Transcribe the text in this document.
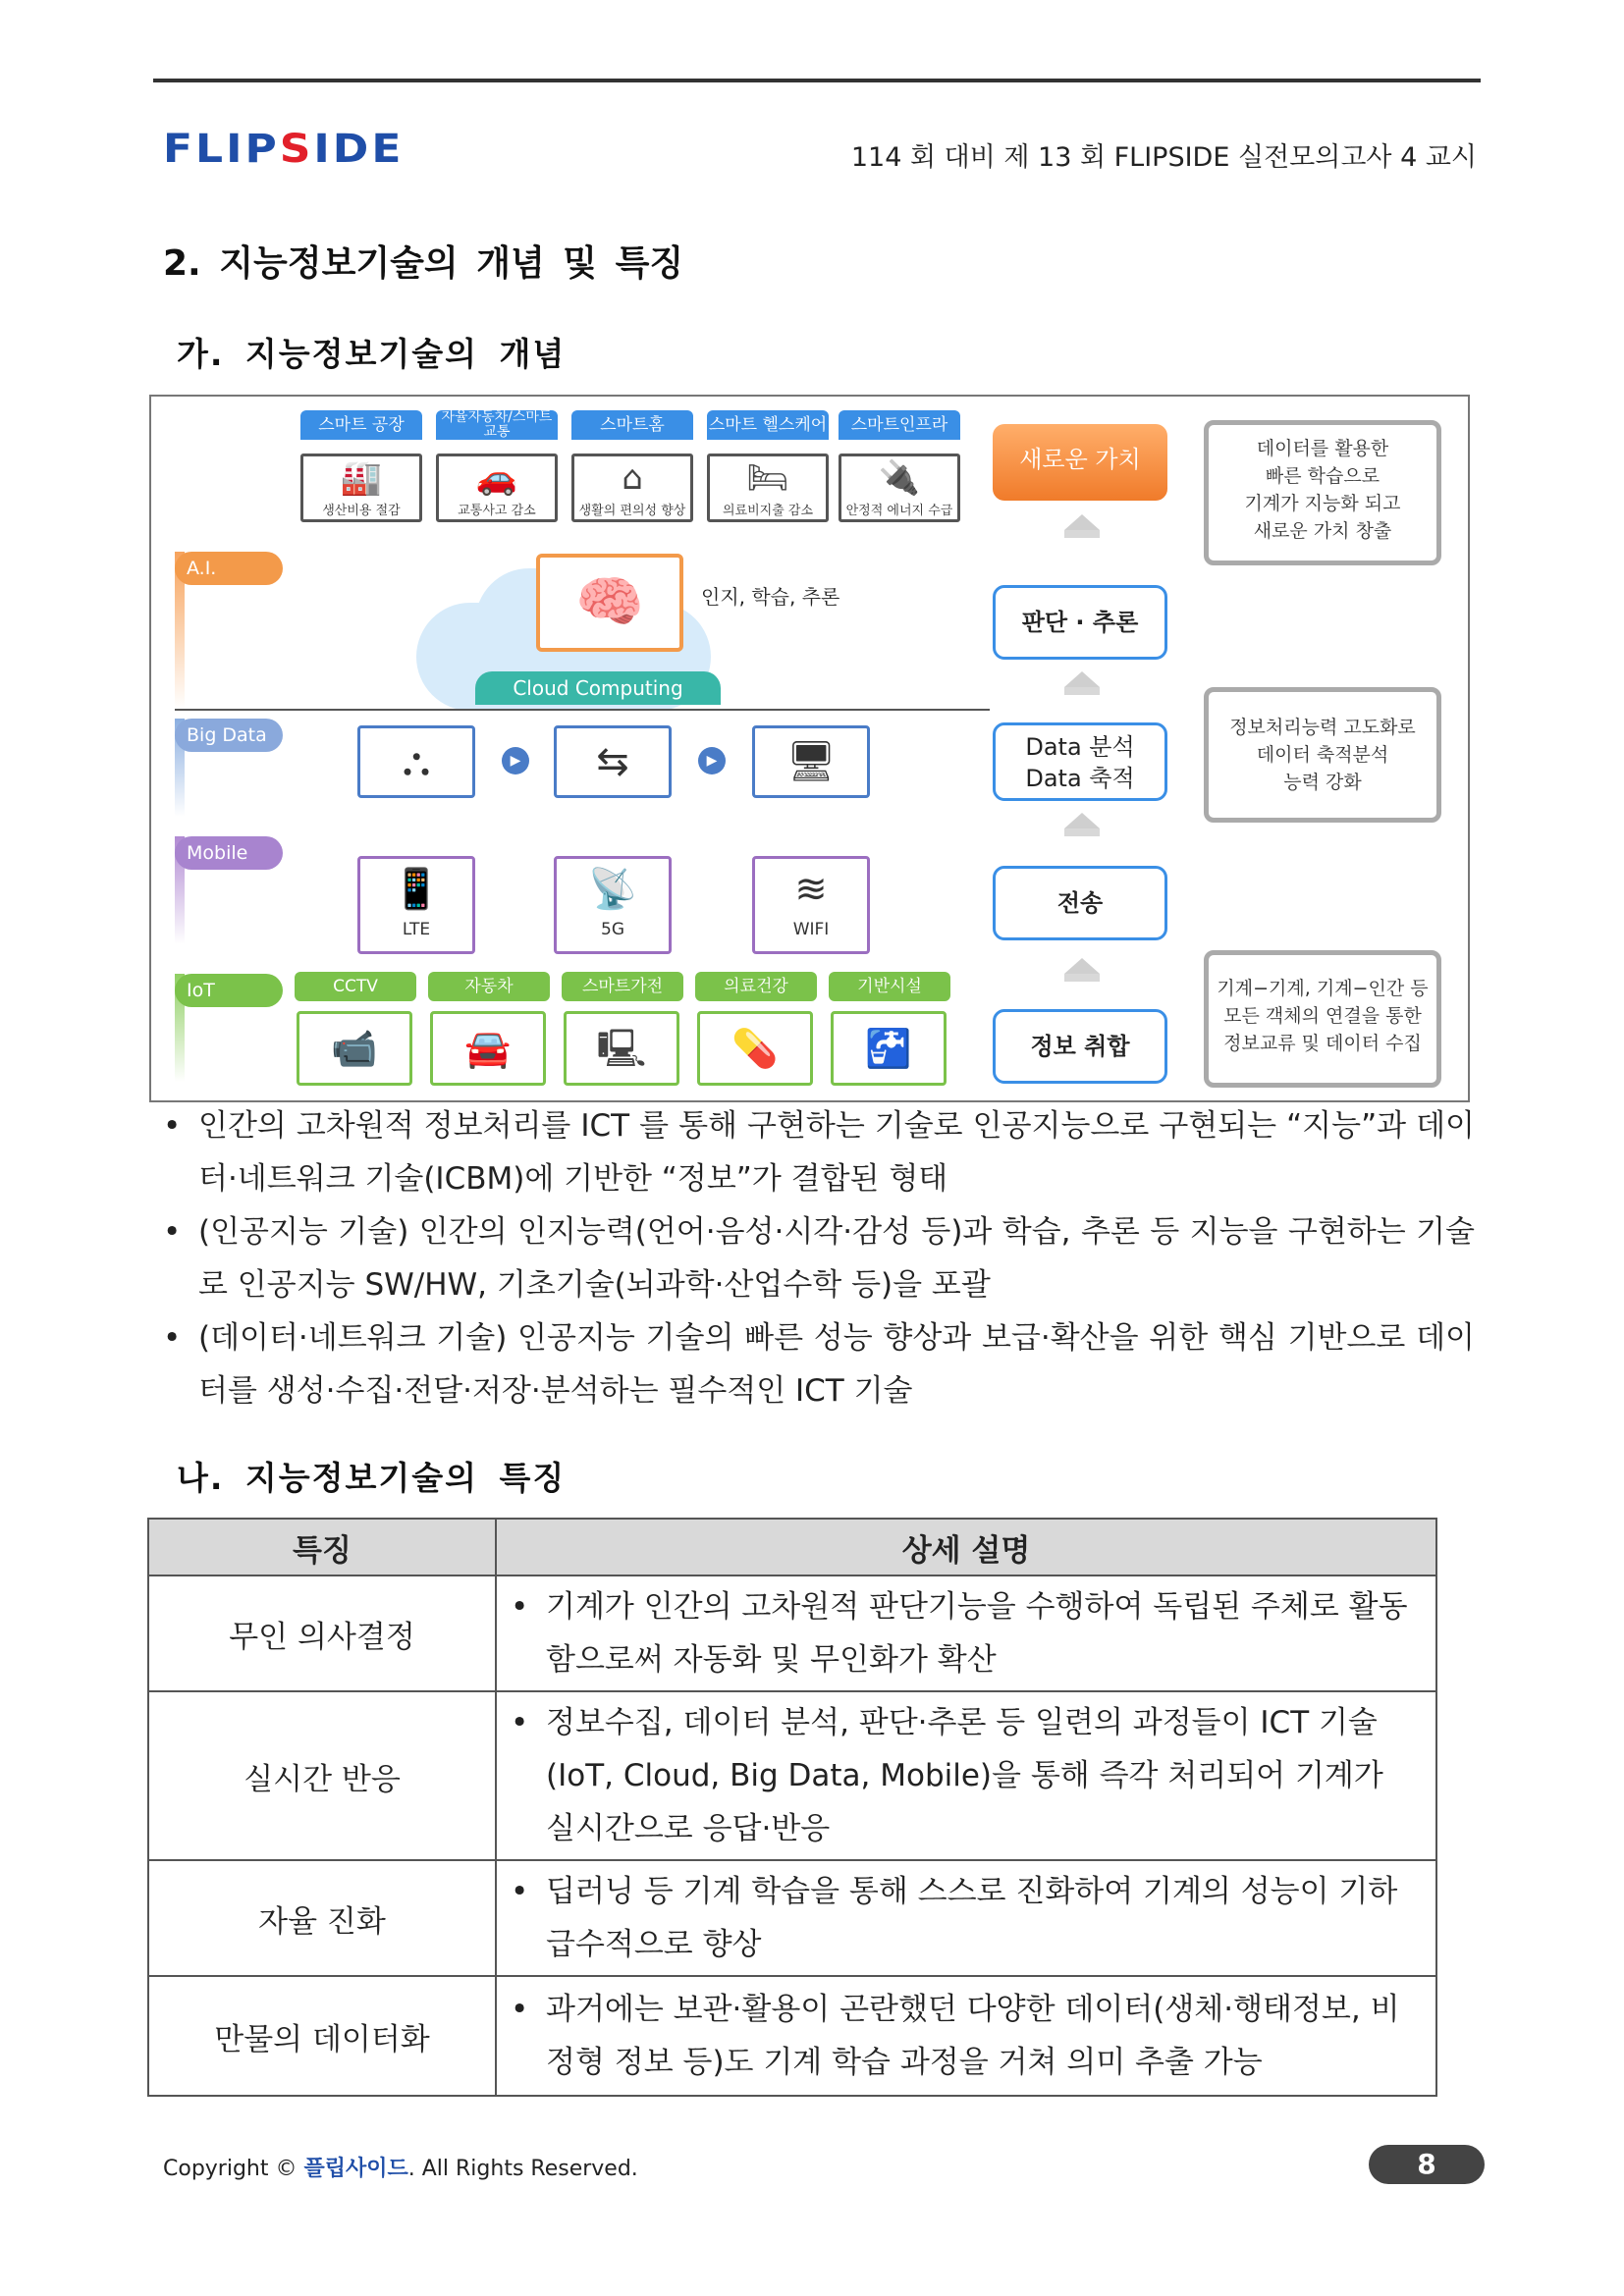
FLIPSIDE	114 회 대비 제 13 회 FLIPSIDE 실전모의고사 4 교시
2. 지능정보기술의 개념 및 특징
가. 지능정보기술의 개념
A.I.
Big Data
Mobile
IoT
스마트 공장	자율자동차/스마트 교통	스마트홈	스마트 헬스케어	스마트인프라
🏭
생산비용 절감
🚗
교통사고 감소
⌂
생활의 편의성 향상
🛏
의료비지출 감소
🔌
안정적 에너지 수급
🧠	인지, 학습, 추론
Cloud Computing
⛬	▶	⇆	▶	🖥
📱
LTE
📡
5G
≋
WIFI
CCTV	자동차	스마트가전	의료건강	기반시설
📹	🚘	🖳	💊	🚰
새로운 가치
판단 · 추론
Data 분석
Data 축적
전송
정보 취합
데이터를 활용한
빠른 학습으로
기계가 지능화 되고
새로운 가치 창출
정보처리능력 고도화로
데이터 축적분석
능력 강화
기계−기계, 기계−인간 등
모든 객체의 연결을 통한
정보교류 및 데이터 수집
• 인간의 고차원적 정보처리를 ICT 를 통해 구현하는 기술로 인공지능으로 구현되는 “지능”과 데이터·네트워크 기술(ICBM)에 기반한 “정보”가 결합된 형태
• (인공지능 기술) 인간의 인지능력(언어·음성·시각·감성 등)과 학습, 추론 등 지능을 구현하는 기술로 인공지능 SW/HW, 기초기술(뇌과학·산업수학 등)을 포괄
• (데이터·네트워크 기술) 인공지능 기술의 빠른 성능 향상과 보급·확산을 위한 핵심 기반으로 데이터를 생성·수집·전달·저장·분석하는 필수적인 ICT 기술
나. 지능정보기술의 특징
특징	상세 설명
무인 의사결정	• 기계가 인간의 고차원적 판단기능을 수행하여 독립된 주체로 활동함으로써 자동화 및 무인화가 확산

실시간 반응	• 정보수집, 데이터 분석, 판단·추론 등 일련의 과정들이 ICT 기술(IoT, Cloud, Big Data, Mobile)을 통해 즉각 처리되어 기계가 실시간으로 응답·반응

자율 진화	• 딥러닝 등 기계 학습을 통해 스스로 진화하여 기계의 성능이 기하급수적으로 향상

만물의 데이터화	• 과거에는 보관·활용이 곤란했던 다양한 데이터(생체·행태정보, 비정형 정보 등)도 기계 학습 과정을 거쳐 의미 추출 가능
Copyright © 플립사이드. All Rights Reserved.	8
